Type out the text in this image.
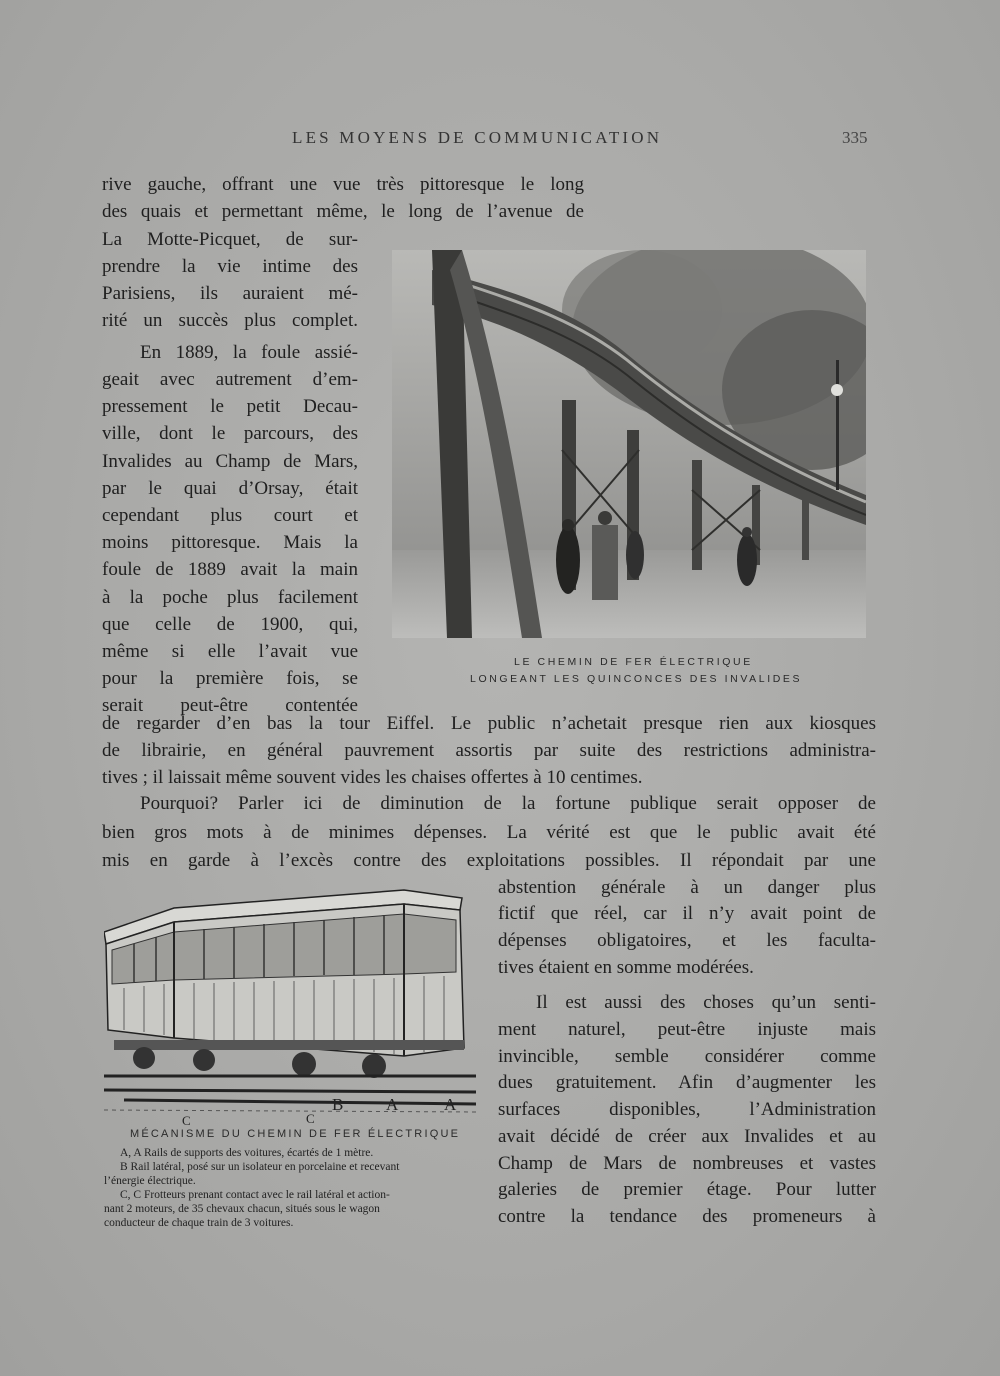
LES MOYENS DE COMMUNICATION	335
rive gauche, offrant une vue très pittoresque le long
des quais et permettant même, le long de l’avenue de
La Motte-Picquet, de sur-
prendre la vie intime des
Parisiens, ils auraient mé-
rité un succès plus complet.
En 1889, la foule assié-
geait avec autrement d’em-
pressement le petit Decau-
ville, dont le parcours, des
Invalides au Champ de Mars,
par le quai d’Orsay, était
cependant plus court et
moins pittoresque. Mais la
foule de 1889 avait la main
à la poche plus facilement
que celle de 1900, qui,
même si elle l’avait vue
pour la première fois, se
serait peut-être contentée
LE CHEMIN DE FER ÉLECTRIQUE
LONGEANT LES QUINCONCES DES INVALIDES
de regarder d’en bas la tour Eiffel. Le public n’achetait presque rien aux kiosques
de librairie, en général pauvrement assortis par suite des restrictions administra-
tives ; il laissait même souvent vides les chaises offertes à 10 centimes.
Pourquoi? Parler ici de diminution de la fortune publique serait opposer de
bien gros mots à de minimes dépenses. La vérité est que le public avait été
mis en garde à l’excès contre des exploitations possibles. Il répondait par une
B	A	A
C	C
MÉCANISME DU CHEMIN DE FER ÉLECTRIQUE
A, A Rails de supports des voitures, écartés de 1 mètre.
B Rail latéral, posé sur un isolateur en porcelaine et recevant
l’énergie électrique.
C, C Frotteurs prenant contact avec le rail latéral et action-
nant 2 moteurs, de 35 chevaux chacun, situés sous le wagon
conducteur de chaque train de 3 voitures.
abstention générale à un danger plus
fictif que réel, car il n’y avait point de
dépenses obligatoires, et les faculta-
tives étaient en somme modérées.
Il est aussi des choses qu’un senti-
ment naturel, peut-être injuste mais
invincible, semble considérer comme
dues gratuitement. Afin d’augmenter les
surfaces disponibles, l’Administration
avait décidé de créer aux Invalides et au
Champ de Mars de nombreuses et vastes
galeries de premier étage. Pour lutter
contre la tendance des promeneurs à
